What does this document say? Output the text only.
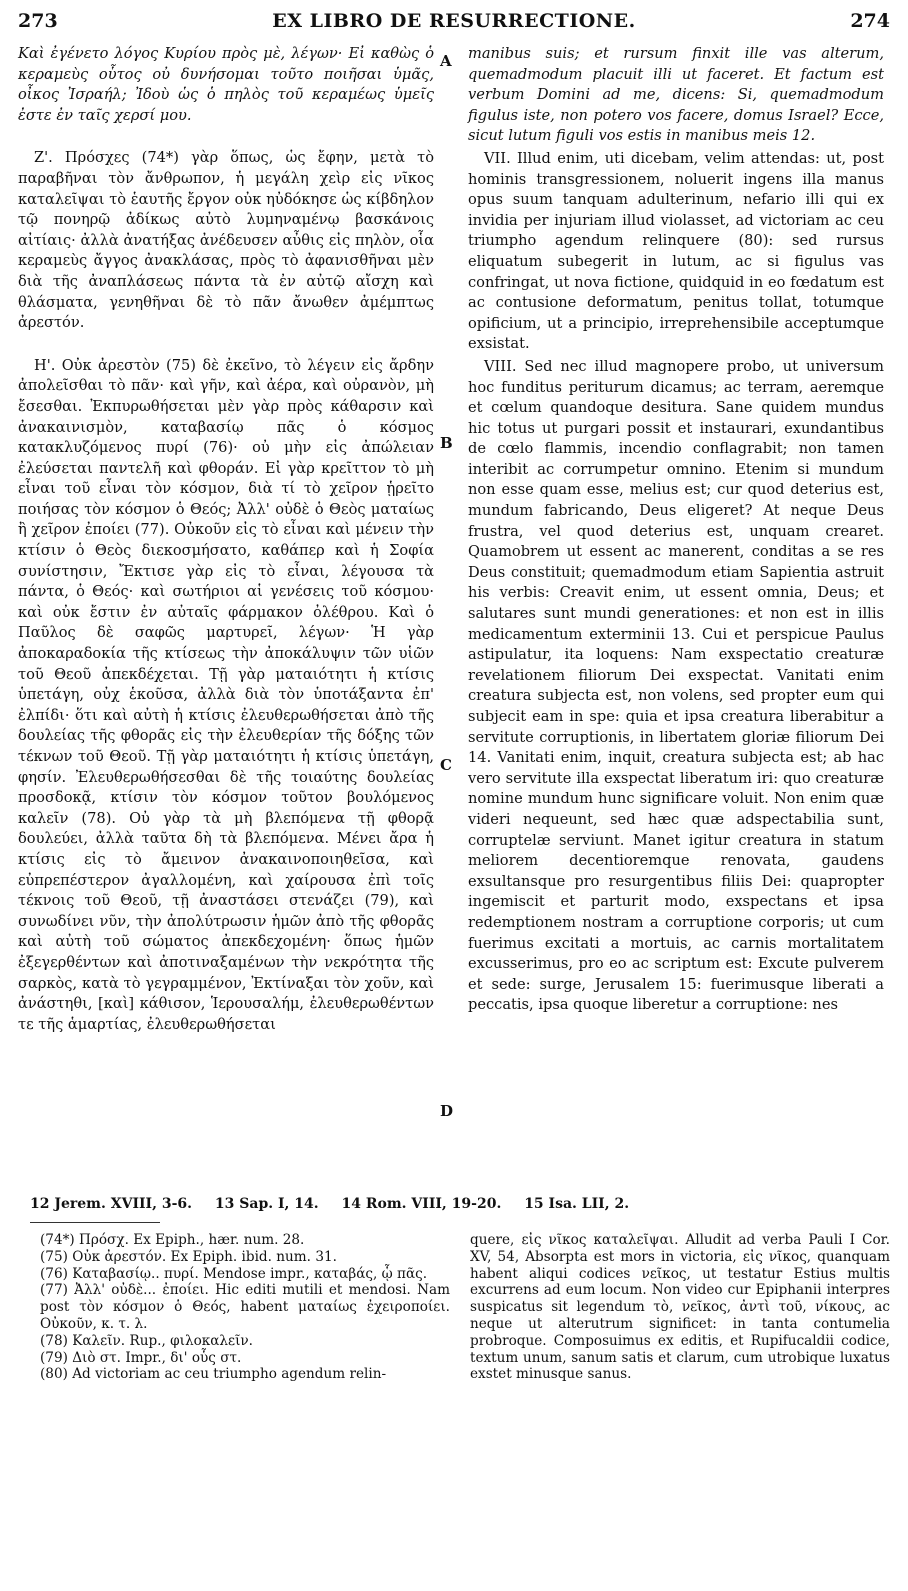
273	EX LIBRO DE RESURRECTIONE.	274

Καὶ ἐγένετο λόγος Κυρίου πρὸς μὲ, λέγων· Εἰ καθὼς ὁ κεραμεὺς οὗτος οὐ δυνήσομαι τοῦτο ποιῆσαι ὑμᾶς, οἶκος Ἰσραήλ; Ἰδοὺ ὡς ὁ πηλὸς τοῦ κεραμέως ὑμεῖς ἐστε ἐν ταῖς χερσί μου.

Ζ'. Πρόσχες (74*) γὰρ ὅπως, ὡς ἔφην, μετὰ τὸ παραβῆναι τὸν ἄνθρωπον, ἡ μεγάλη χεὶρ εἰς νῖκος καταλεῖψαι τὸ ἑαυτῆς ἔργον οὐκ ηὐδόκησε ὡς κίβδηλον τῷ πονηρῷ ἀδίκως αὐτὸ λυμηναμένῳ βασκάνοις αἰτίαις· ἀλλὰ ἀνατήξας ἀνέδευσεν αὖθις εἰς πηλὸν, οἷα κεραμεὺς ἄγγος ἀνακλάσας, πρὸς τὸ ἀφανισθῆναι μὲν διὰ τῆς ἀναπλάσεως πάντα τὰ ἐν αὐτῷ αἴσχη καὶ θλάσματα, γενηθῆναι δὲ τὸ πᾶν ἄνωθεν ἀμέμπτως ἀρεστόν.

Η'. Οὐκ ἀρεστὸν (75) δὲ ἐκεῖνο, τὸ λέγειν εἰς ἄρδην ἀπολεῖσθαι τὸ πᾶν· καὶ γῆν, καὶ ἀέρα, καὶ οὐρανὸν, μὴ ἔσεσθαι. Ἐκπυρωθήσεται μὲν γὰρ πρὸς κάθαρσιν καὶ ἀνακαινισμὸν, καταβασίῳ πᾶς ὁ κόσμος κατακλυζόμενος πυρί (76)· οὐ μὴν εἰς ἀπώλειαν ἐλεύσεται παντελῆ καὶ φθοράν. Εἰ γὰρ κρεῖττον τὸ μὴ εἶναι τοῦ εἶναι τὸν κόσμον, διὰ τί τὸ χεῖρον ᾑρεῖτο ποιήσας τὸν κόσμον ὁ Θεός; Ἀλλ' οὐδὲ ὁ Θεὸς ματαίως ἢ χεῖρον ἐποίει (77). Οὐκοῦν εἰς τὸ εἶναι καὶ μένειν τὴν κτίσιν ὁ Θεὸς διεκοσμήσατο, καθάπερ καὶ ἡ Σοφία συνίστησιν, Ἔκτισε γὰρ εἰς τὸ εἶναι, λέγουσα τὰ πάντα, ὁ Θεός· καὶ σωτήριοι αἱ γενέσεις τοῦ κόσμου· καὶ οὐκ ἔστιν ἐν αὐταῖς φάρμακον ὀλέθρου. Καὶ ὁ Παῦλος δὲ σαφῶς μαρτυρεῖ, λέγων· Ἡ γὰρ ἀποκαραδοκία τῆς κτίσεως τὴν ἀποκάλυψιν τῶν υἱῶν τοῦ Θεοῦ ἀπεκδέχεται. Τῇ γὰρ ματαιότητι ἡ κτίσις ὑπετάγη, οὐχ ἑκοῦσα, ἀλλὰ διὰ τὸν ὑποτάξαντα ἐπ' ἐλπίδι· ὅτι καὶ αὐτὴ ἡ κτίσις ἐλευθερωθήσεται ἀπὸ τῆς δουλείας τῆς φθορᾶς εἰς τὴν ἐλευθερίαν τῆς δόξης τῶν τέκνων τοῦ Θεοῦ. Τῇ γὰρ ματαιότητι ἡ κτίσις ὑπετάγη, φησίν. Ἐλευθερωθήσεσθαι δὲ τῆς τοιαύτης δουλείας προσδοκᾷ, κτίσιν τὸν κόσμον τοῦτον βουλόμενος καλεῖν (78). Οὐ γὰρ τὰ μὴ βλεπόμενα τῇ φθορᾷ δουλεύει, ἀλλὰ ταῦτα δὴ τὰ βλεπόμενα. Μένει ἄρα ἡ κτίσις εἰς τὸ ἄμεινον ἀνακαινοποιηθεῖσα, καὶ εὐπρεπέστερον ἀγαλλομένη, καὶ χαίρουσα ἐπὶ τοῖς τέκνοις τοῦ Θεοῦ, τῇ ἀναστάσει στενάζει (79), καὶ συνωδίνει νῦν, τὴν ἀπολύτρωσιν ἡμῶν ἀπὸ τῆς φθορᾶς καὶ αὐτὴ τοῦ σώματος ἀπεκδεχομένη· ὅπως ἡμῶν ἐξεγερθέντων καὶ ἀποτιναξαμένων τὴν νεκρότητα τῆς σαρκὸς, κατὰ τὸ γεγραμμένον, Ἐκτίναξαι τὸν χοῦν, καὶ ἀνάστηθι, [καὶ] κάθισον, Ἱερουσαλήμ, ἐλευθερωθέντων τε τῆς ἁμαρτίας, ἐλευθερωθήσεται

A
B
C
D

manibus suis; et rursum finxit ille vas alterum, quemadmodum placuit illi ut faceret. Et factum est verbum Domini ad me, dicens: Si, quemadmodum figulus iste, non potero vos facere, domus Israel? Ecce, sicut lutum figuli vos estis in manibus meis 12.

VII. Illud enim, uti dicebam, velim attendas: ut, post hominis transgressionem, noluerit ingens illa manus opus suum tanquam adulterinum, nefario illi qui ex invidia per injuriam illud violasset, ad victoriam ac ceu triumpho agendum relinquere (80): sed rursus eliquatum subegerit in lutum, ac si figulus vas confringat, ut nova fictione, quidquid in eo fœdatum est ac contusione deformatum, penitus tollat, totumque opificium, ut a principio, irreprehensibile acceptumque exsistat.

VIII. Sed nec illud magnopere probo, ut universum hoc funditus periturum dicamus; ac terram, aeremque et cœlum quandoque desitura. Sane quidem mundus hic totus ut purgari possit et instaurari, exundantibus de cœlo flammis, incendio conflagrabit; non tamen interibit ac corrumpetur omnino. Etenim si mundum non esse quam esse, melius est; cur quod deterius est, mundum fabricando, Deus eligeret? At neque Deus frustra, vel quod deterius est, unquam crearet. Quamobrem ut essent ac manerent, conditas a se res Deus constituit; quemadmodum etiam Sapientia astruit his verbis: Creavit enim, ut essent omnia, Deus; et salutares sunt mundi generationes: et non est in illis medicamentum exterminii 13. Cui et perspicue Paulus astipulatur, ita loquens: Nam exspectatio creaturæ revelationem filiorum Dei exspectat. Vanitati enim creatura subjecta est, non volens, sed propter eum qui subjecit eam in spe: quia et ipsa creatura liberabitur a servitute corruptionis, in libertatem gloriæ filiorum Dei 14. Vanitati enim, inquit, creatura subjecta est; ab hac vero servitute illa exspectat liberatum iri: quo creaturæ nomine mundum hunc significare voluit. Non enim quæ videri nequeunt, sed hæc quæ adspectabilia sunt, corruptelæ serviunt. Manet igitur creatura in statum meliorem decentioremque renovata, gaudens exsultansque pro resurgentibus filiis Dei: quapropter ingemiscit et parturit modo, exspectans et ipsa redemptionem nostram a corruptione corporis; ut cum fuerimus excitati a mortuis, ac carnis mortalitatem excusserimus, pro eo ac scriptum est: Excute pulverem et sede: surge, Jerusalem 15: fuerimusque liberati a peccatis, ipsa quoque liberetur a corruptione: nes

12 Jerem. XVIII, 3-6. 13 Sap. I, 14. 14 Rom. VIII, 19-20. 15 Isa. LII, 2.

(74*) Πρόσχ. Ex Epiph., hær. num. 28.

(75) Οὐκ ἀρεστόν. Ex Epiph. ibid. num. 31.

(76) Καταβασίῳ.. πυρί. Mendose impr., καταβάς, ᾧ πᾶς.

(77) Ἀλλ' οὐδὲ... ἐποίει. Hic editi mutili et mendosi. Nam post τὸν κόσμον ὁ Θεός, habent ματαίως ἐχειροποίει. Οὐκοῦν, κ. τ. λ.

(78) Καλεῖν. Rup., φιλοκαλεῖν.

(79) Διὸ στ. Impr., δι' οὗς στ.

(80) Ad victoriam ac ceu triumpho agendum relin-

quere, εἰς νῖκος καταλεῖψαι. Alludit ad verba Pauli I Cor. XV, 54, Absorpta est mors in victoria, εἰς νῖκος, quanquam habent aliqui codices νεῖκος, ut testatur Estius multis excurrens ad eum locum. Non video cur Epiphanii interpres suspicatus sit legendum τὸ, νεῖκος, ἀντὶ τοῦ, νίκους, ac neque ut alterutrum significet: in tanta contumelia probroque. Composuimus ex editis, et Rupifucaldii codice, textum unum, sanum satis et clarum, cum utrobique luxatus exstet minusque sanus.
